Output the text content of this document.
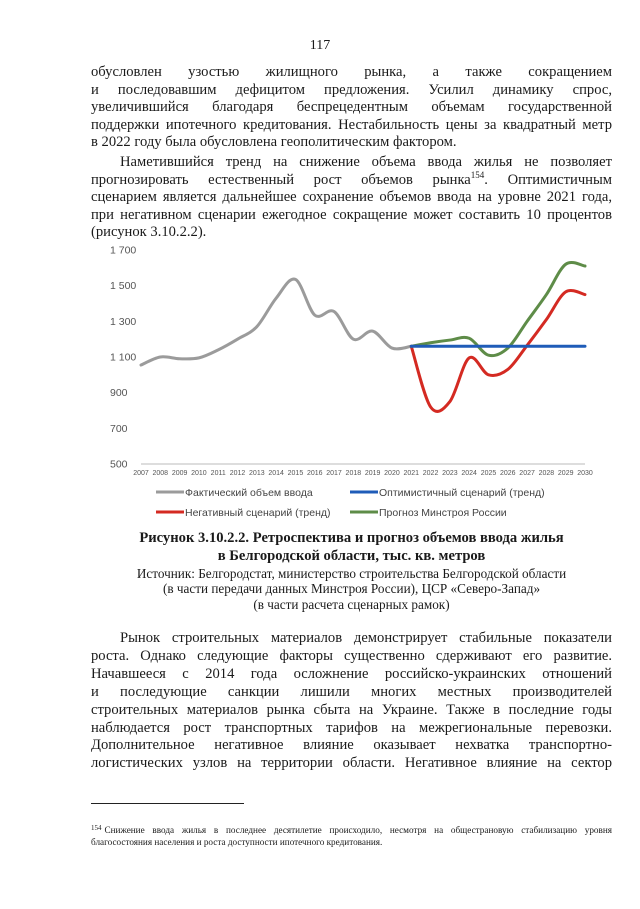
117
обусловлен узостью жилищного рынка, а также сокращением
и последовавшим дефицитом предложения. Усилил динамику спрос,
увеличившийся благодаря беспрецедентным объемам государственной
поддержки ипотечного кредитования. Нестабильность цены за квадратный метр
в 2022 году была обусловлена геополитическим фактором.
Наметившийся тренд на снижение объема ввода жилья не позволяет
прогнозировать естественный рост объемов рынка$^{154}$. Оптимистичным
сценарием является дальнейшее сохранение объемов ввода на уровне 2021 года,
при негативном сценарии ежегодное сокращение может составить 10 процентов
(рисунок 3.10.2.2).
500
700
900
1 100
1 300
1 500
1 700
2007 2008 2009 2010 2011 2012 2013 2014 2015 2016 2017 2018 2019 2020 2021 2022 2023 2024 2025 2026 2027 2028 2029 2030
Фактический объем ввода	Оптимистичный сценарий (тренд)
Негативный сценарий (тренд)	Прогноз Минстроя России
Рисунок 3.10.2.2. Ретроспектива и прогноз объемов ввода жилья
в Белгородской области, тыс. кв. метров
Источник: Белгородстат, министерство строительства Белгородской области
(в части передачи данных Минстроя России), ЦСР «Северо-Запад»
(в части расчета сценарных рамок)
Рынок строительных материалов демонстрирует стабильные показатели
роста. Однако следующие факторы существенно сдерживают его развитие.
Начавшееся с 2014 года осложнение российско-украинских отношений
и последующие санкции лишили многих местных производителей
строительных материалов рынка сбыта на Украине. Также в последние годы
наблюдается рост транспортных тарифов на межрегиональные перевозки.
Дополнительное негативное влияние оказывает нехватка транспортно-
логистических узлов на территории области. Негативное влияние на сектор
$^{154}$ Снижение ввода жилья в последнее десятилетие происходило, несмотря на общестрановую стабилизацию уровня
благосостояния населения и роста доступности ипотечного кредитования.
